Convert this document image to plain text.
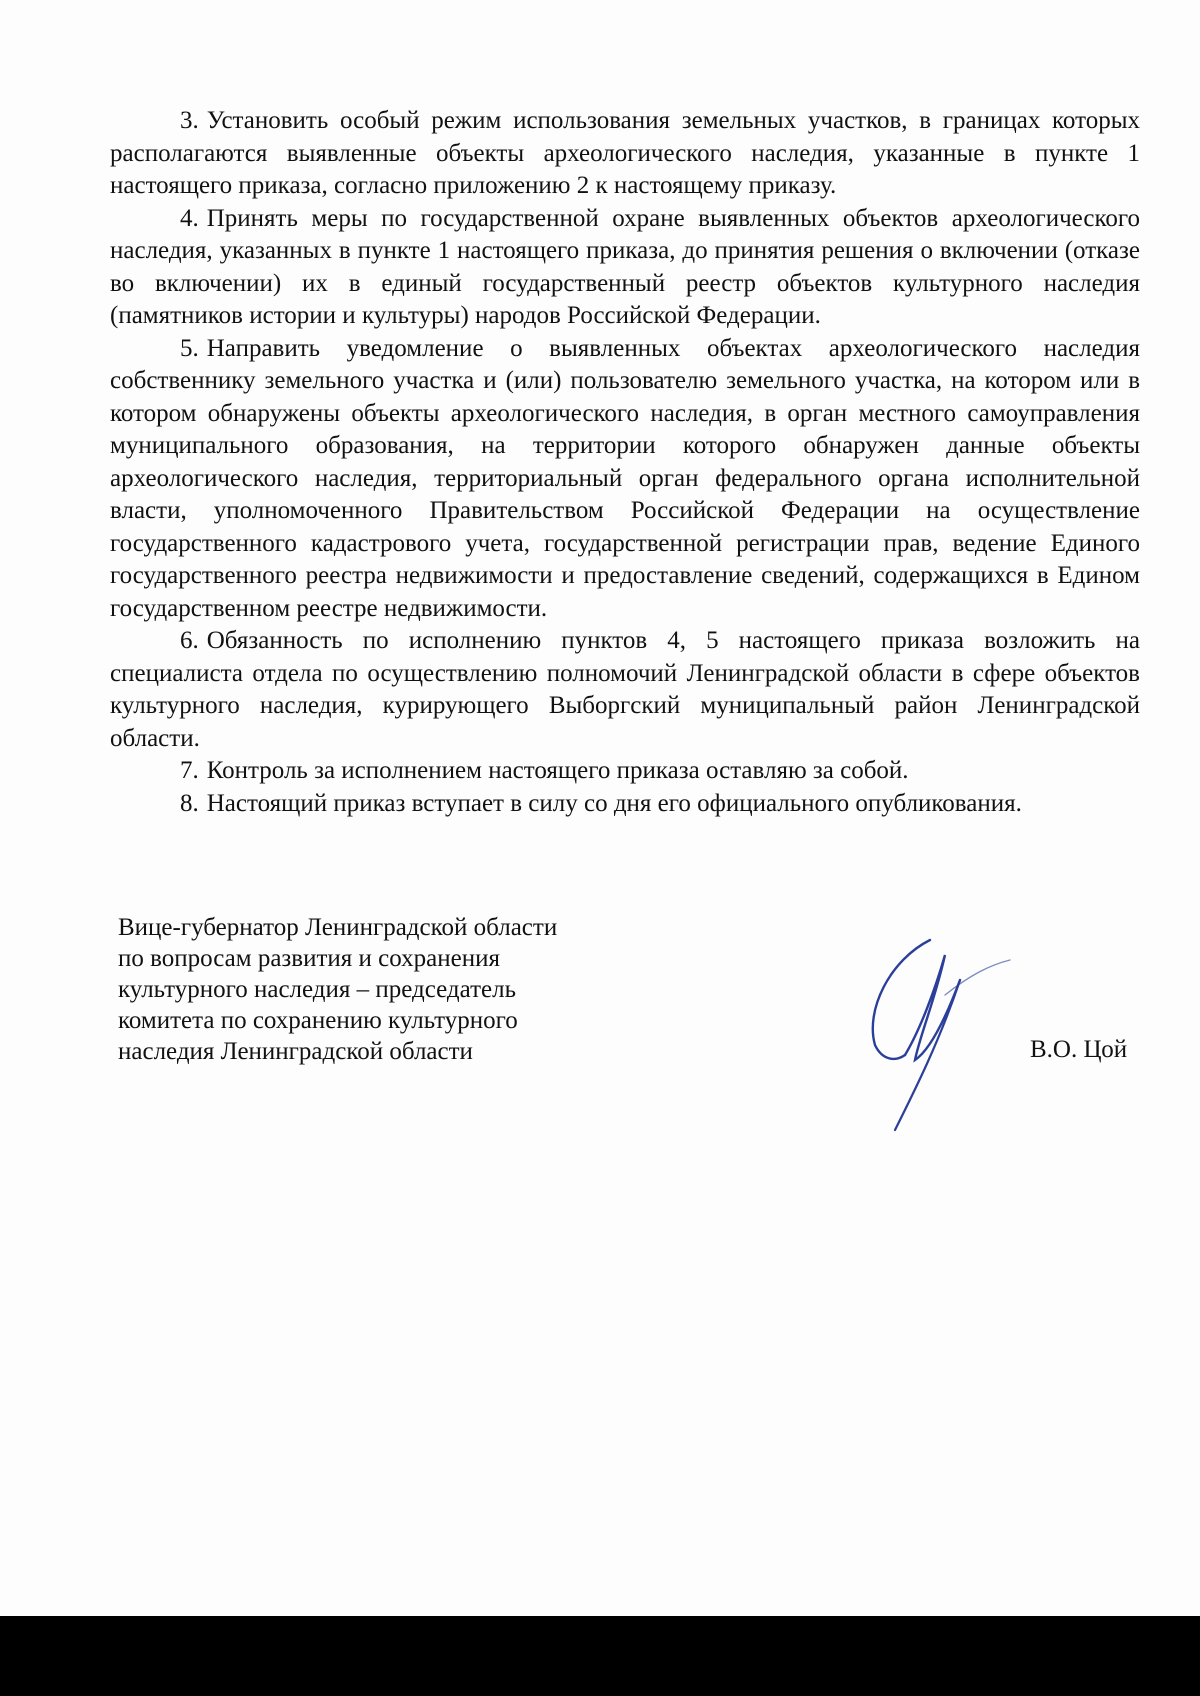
3. Установить особый режим использования земельных участков, в границах которых располагаются выявленные объекты археологического наследия, указанные в пункте 1 настоящего приказа, согласно приложению 2 к настоящему приказу.

4. Принять меры по государственной охране выявленных объектов археологического наследия, указанных в пункте 1 настоящего приказа, до принятия решения о включении (отказе во включении) их в единый государственный реестр объектов культурного наследия (памятников истории и культуры) народов Российской Федерации.

5. Направить уведомление о выявленных объектах археологического наследия собственнику земельного участка и (или) пользователю земельного участка, на котором или в котором обнаружены объекты археологического наследия, в орган местного самоуправления муниципального образования, на территории которого обнаружен данные объекты археологического наследия, территориальный орган федерального органа исполнительной власти, уполномоченного Правительством Российской Федерации на осуществление государственного кадастрового учета, государственной регистрации прав, ведение Единого государственного реестра недвижимости и предоставление сведений, содержащихся в Едином государственном реестре недвижимости.

6. Обязанность по исполнению пунктов 4, 5 настоящего приказа возложить на специалиста отдела по осуществлению полномочий Ленинградской области в сфере объектов культурного наследия, курирующего Выборгский муниципальный район Ленинградской области.

7. Контроль за исполнением настоящего приказа оставляю за собой.

8. Настоящий приказ вступает в силу со дня его официального опубликования.

Вице-губернатор Ленинградской области
по вопросам развития и сохранения
культурного наследия – председатель
комитета по сохранению культурного
наследия Ленинградской области	В.О. Цой
